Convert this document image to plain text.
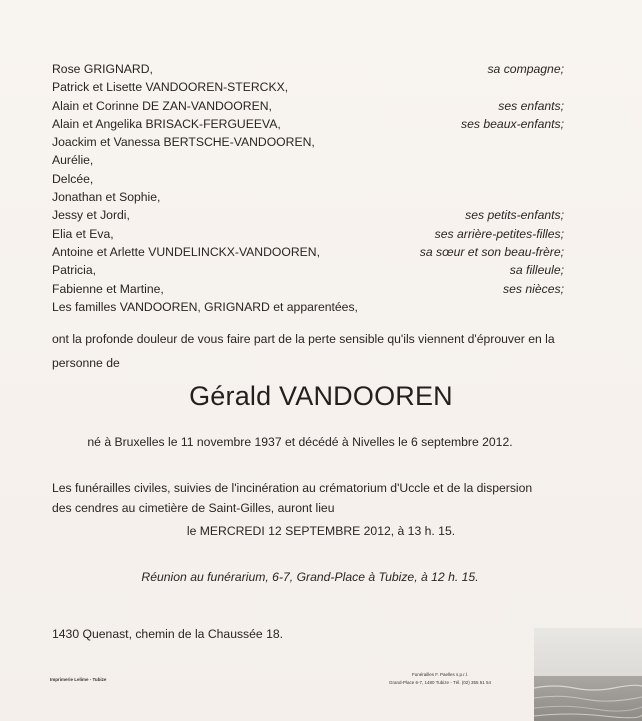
Rose GRIGNARD,	sa compagne;
Patrick et Lisette VANDOOREN-STERCKX,
Alain et Corinne DE ZAN-VANDOOREN,	ses enfants;
Alain et Angelika BRISACK-FERGUEEVA,	ses beaux-enfants;
Joackim et Vanessa BERTSCHE-VANDOOREN,
Aurélie,
Delcée,
Jonathan et Sophie,
Jessy et Jordi,	ses petits-enfants;
Elia et Eva,	ses arrière-petites-filles;
Antoine et Arlette VUNDELINCKX-VANDOOREN,	sa sœur et son beau-frère;
Patricia,	sa filleule;
Fabienne et Martine,	ses nièces;
Les familles VANDOOREN, GRIGNARD et apparentées,
ont la profonde douleur de vous faire part de la perte sensible qu'ils viennent d'éprouver en la
personne de
Gérald VANDOOREN
né à Bruxelles le 11 novembre 1937 et décédé à Nivelles le 6 septembre 2012.
Les funérailles civiles, suivies de l'incinération au crématorium d'Uccle et de la dispersion
des cendres au cimetière de Saint-Gilles, auront lieu
le MERCREDI 12 SEPTEMBRE 2012, à 13 h. 15.
Réunion au funérarium, 6-7, Grand-Place à Tubize, à 12 h. 15.
1430 Quenast, chemin de la Chaussée 18.
Imprimerie Lelime - Tubize
Funérailles F. Paelles s.p.r.l.
Grand-Place 6-7, 1480 Tubize - Tél. (02) 355 51 54
